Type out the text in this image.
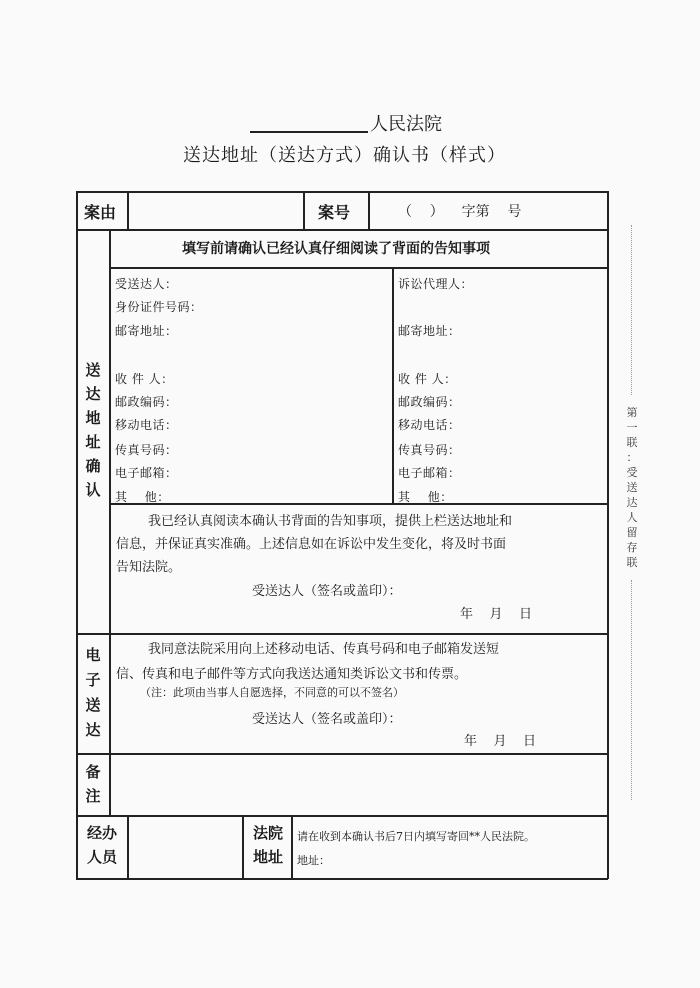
人民法院
送达地址（送达方式）确认书（样式）
案由	案号	（    ）    字第    号
送
达
地
址
确
认
填写前请确认已经认真仔细阅读了背面的告知事项
受送达人：
身份证件号码：
邮寄地址：
收 件 人：
邮政编码：
移动电话：
传真号码：
电子邮箱：
其    他：
诉讼代理人：
邮寄地址：
收 件 人：
邮政编码：
移动电话：
传真号码：
电子邮箱：
其    他：
我已经认真阅读本确认书背面的告知事项，提供上栏送达地址和
信息，并保证真实准确。上述信息如在诉讼中发生变化，将及时书面
告知法院。
受送达人（签名或盖印）：
年    月    日
电
子
送
达
我同意法院采用向上述移动电话、传真号码和电子邮箱发送短
信、传真和电子邮件等方式向我送达通知类诉讼文书和传票。
（注：此项由当事人自愿选择，不同意的可以不签名）
受送达人（签名或盖印）：
年    月    日
备
注
经办
人员
法院
地址
请在收到本确认书后7日内填写寄回**人民法院。
地址：
第
一
联
：
受
送
达
人
留
存
联
